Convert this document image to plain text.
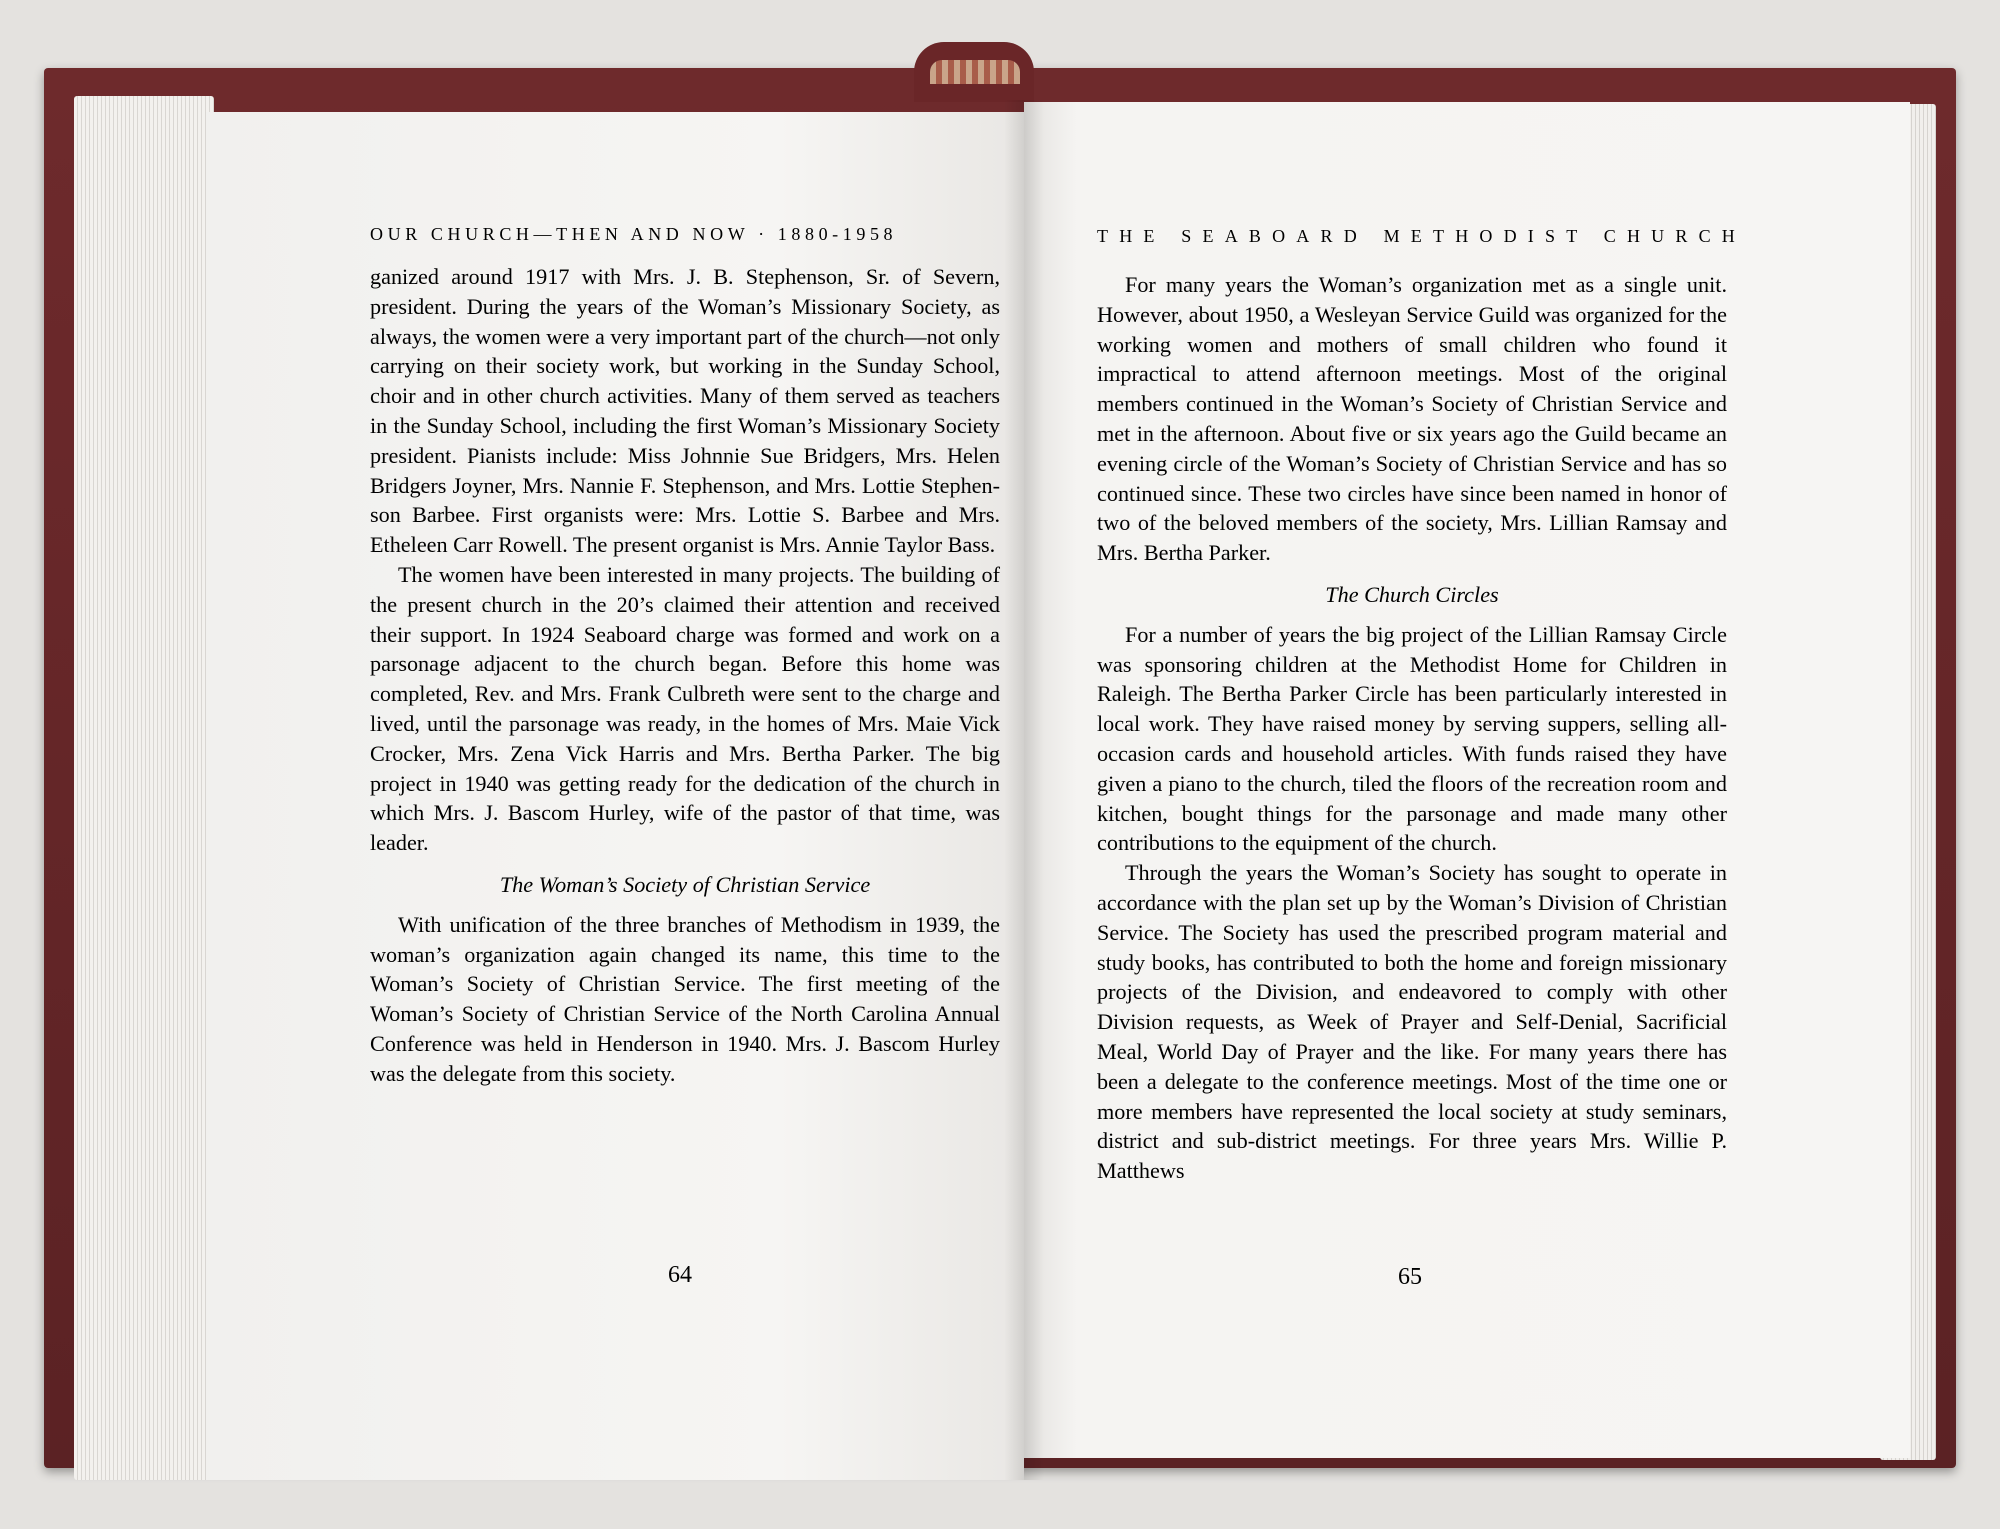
OUR CHURCH—THEN AND NOW · 1880-1958

ganized around 1917 with Mrs. J. B. Stephenson, Sr. of Severn, president. During the years of the Woman’s Missionary Society, as always, the women were a very important part of the church—not only carrying on their society work, but working in the Sunday School, choir and in other church activities. Many of them served as teachers in the Sunday School, including the first Woman’s Missionary Society president. Pianists include: Miss Johnnie Sue Bridgers, Mrs. Helen Bridgers Joyner, Mrs. Nannie F. Stephenson, and Mrs. Lottie Stephenson Barbee. First organists were: Mrs. Lottie S. Barbee and Mrs. Etheleen Carr Rowell. The present organist is Mrs. Annie Taylor Bass.

The women have been interested in many projects. The building of the present church in the 20’s claimed their attention and received their support. In 1924 Seaboard charge was formed and work on a parsonage adjacent to the church began. Before this home was completed, Rev. and Mrs. Frank Culbreth were sent to the charge and lived, until the parsonage was ready, in the homes of Mrs. Maie Vick Crocker, Mrs. Zena Vick Harris and Mrs. Bertha Parker. The big project in 1940 was getting ready for the dedication of the church in which Mrs. J. Bascom Hurley, wife of the pastor of that time, was leader.

The Woman’s Society of Christian Service

With unification of the three branches of Methodism in 1939, the woman’s organization again changed its name, this time to the Woman’s Society of Christian Service. The first meeting of the Woman’s Society of Christian Service of the North Carolina Annual Conference was held in Henderson in 1940. Mrs. J. Bascom Hurley was the delegate from this society.

64
THE SEABOARD METHODIST CHURCH

For many years the Woman’s organization met as a single unit. However, about 1950, a Wesleyan Service Guild was organized for the working women and mothers of small children who found it impractical to attend afternoon meetings. Most of the original members continued in the Woman’s Society of Christian Service and met in the afternoon. About five or six years ago the Guild became an evening circle of the Woman’s Society of Christian Service and has so continued since. These two circles have since been named in honor of two of the beloved members of the society, Mrs. Lillian Ramsay and Mrs. Bertha Parker.

The Church Circles

For a number of years the big project of the Lillian Ramsay Circle was sponsoring children at the Methodist Home for Children in Raleigh. The Bertha Parker Circle has been particularly interested in local work. They have raised money by serving suppers, selling all-occasion cards and household articles. With funds raised they have given a piano to the church, tiled the floors of the recreation room and kitchen, bought things for the parsonage and made many other contributions to the equipment of the church.

Through the years the Woman’s Society has sought to operate in accordance with the plan set up by the Woman’s Division of Christian Service. The Society has used the prescribed program material and study books, has contributed to both the home and foreign missionary projects of the Division, and endeavored to comply with other Division requests, as Week of Prayer and Self-Denial, Sacrificial Meal, World Day of Prayer and the like. For many years there has been a delegate to the conference meetings. Most of the time one or more members have represented the local society at study seminars, district and sub-district meetings. For three years Mrs. Willie P. Matthews

65
